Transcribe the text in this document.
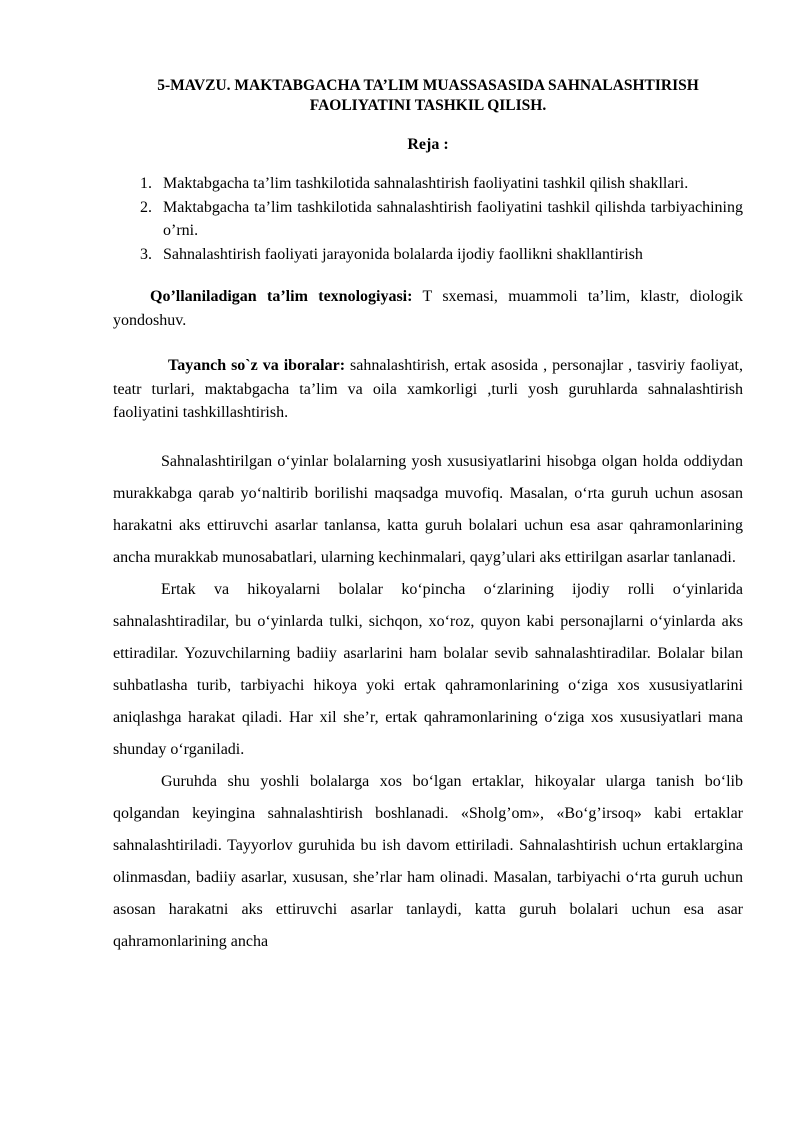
5-MAVZU. MAKTABGACHA TA’LIM MUASSASASIDA SAHNALASHTIRISH
FAOLIYATINI TASHKIL QILISH.
Reja :
1. Maktabgacha ta’lim tashkilotida sahnalashtirish faoliyatini tashkil qilish shakllari.
2. Maktabgacha ta’lim tashkilotida sahnalashtirish faoliyatini tashkil qilishda tarbiyachining o’rni.
3. Sahnalashtirish faoliyati jarayonida bolalarda ijodiy faollikni shakllantirish

Qo’llaniladigan ta’lim texnologiyasi: T sxemasi, muammoli ta’lim, klastr, diologik yondoshuv.

Tayanch so`z va iboralar: sahnalashtirish, ertak asosida , personajlar , tasviriy faoliyat, teatr turlari, maktabgacha ta’lim va oila xamkorligi ,turli yosh guruhlarda sahnalashtirish faoliyatini tashkillashtirish.

Sahnalashtirilgan o‘yinlar bolalarning yosh xususiyatlarini hisobga olgan holda oddiydan murakkabga qarab yo‘naltirib borilishi maqsadga muvofiq. Masalan, o‘rta guruh uchun asosan harakatni aks ettiruvchi asarlar tanlansa, katta guruh bolalari uchun esa asar qahramonlarining ancha murakkab munosabatlari, ularning kechinmalari, qayg’ulari aks ettirilgan asarlar tanlanadi.

Ertak va hikoyalarni bolalar ko‘pincha o‘zlarining ijodiy rolli o‘yinlarida sahnalashtiradilar, bu o‘yinlarda tulki, sichqon, xo‘roz, quyon kabi personajlarni o‘yinlarda aks ettiradilar. Yozuvchilarning badiiy asarlarini ham bolalar sevib sahnalashtiradilar. Bolalar bilan suhbatlasha turib, tarbiyachi hikoya yoki ertak qahramonlarining o‘ziga xos xususiyatlarini aniqlashga harakat qiladi. Har xil she’r, ertak qahramonlarining o‘ziga xos xususiyatlari mana shunday o‘rganiladi.

Guruhda shu yoshli bolalarga xos bo‘lgan ertaklar, hikoyalar ularga tanish bo‘lib qolgandan keyingina sahnalashtirish boshlanadi. «Sholg’om», «Bo‘g’irsoq» kabi ertaklar sahnalashtiriladi. Tayyorlov guruhida bu ish davom ettiriladi. Sahnalashtirish uchun ertaklargina olinmasdan, badiiy asarlar, xususan, she’rlar ham olinadi. Masalan, tarbiyachi o‘rta guruh uchun asosan harakatni aks ettiruvchi asarlar tanlaydi, katta guruh bolalari uchun esa asar qahramonlarining ancha
